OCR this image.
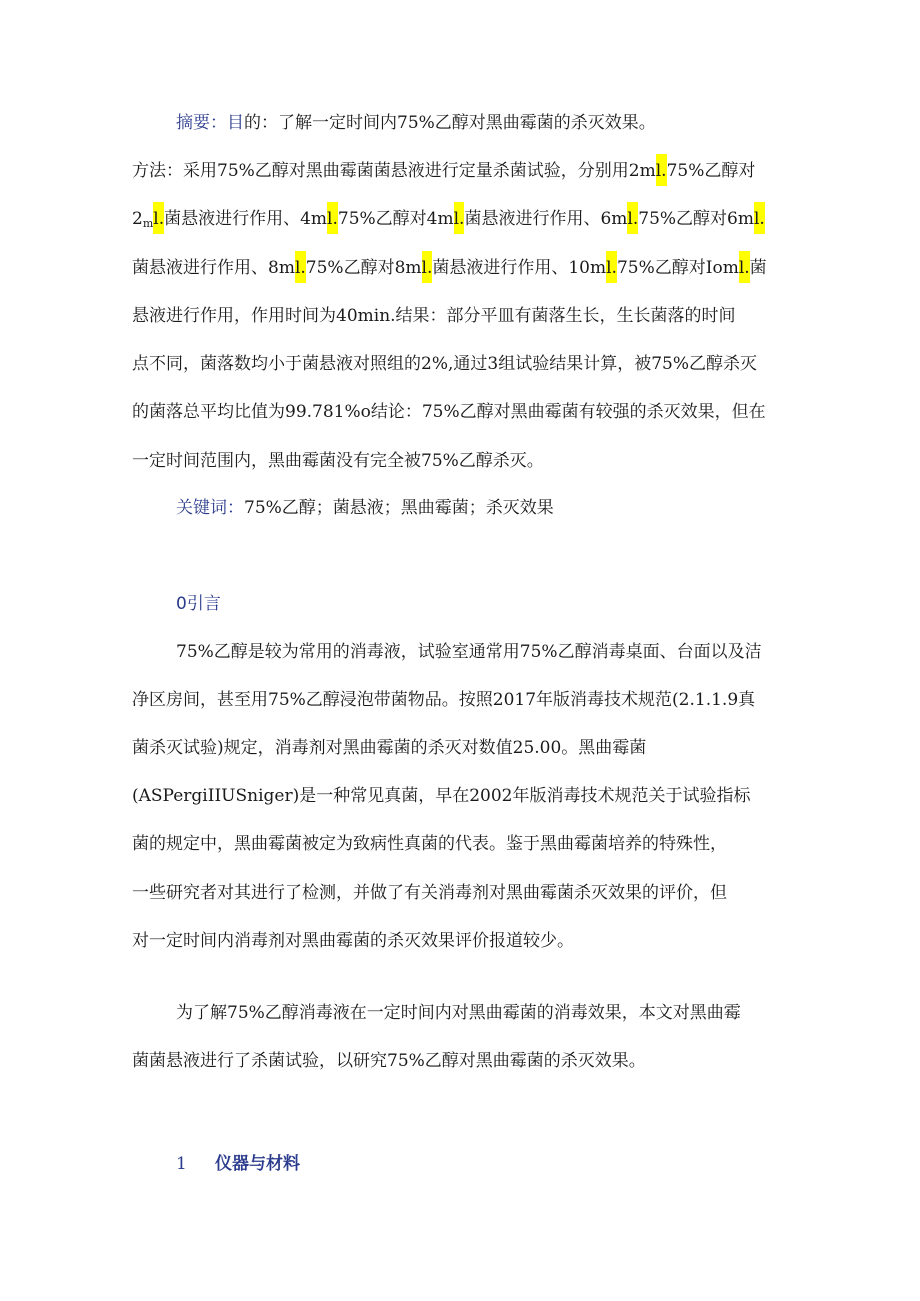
摘要：目的：了解一定时间内75%乙醇对黑曲霉菌的杀灭效果。
方法：采用75%乙醇对黑曲霉菌菌悬液进行定量杀菌试验，分别用2ml.75%乙醇对
2ml.菌悬液进行作用、4ml.75%乙醇对4ml.菌悬液进行作用、6ml.75%乙醇对6ml.
菌悬液进行作用、8ml.75%乙醇对8ml.菌悬液进行作用、10ml.75%乙醇对Ioml.菌
悬液进行作用，作用时间为40min.结果：部分平皿有菌落生长，生长菌落的时间
点不同，菌落数均小于菌悬液对照组的2%,通过3组试验结果计算，被75%乙醇杀灭
的菌落总平均比值为99.781%o结论：75%乙醇对黑曲霉菌有较强的杀灭效果，但在
一定时间范围内，黑曲霉菌没有完全被75%乙醇杀灭。
关键词：75%乙醇；菌悬液；黑曲霉菌；杀灭效果
0引言
75%乙醇是较为常用的消毒液，试验室通常用75%乙醇消毒桌面、台面以及洁
净区房间，甚至用75%乙醇浸泡带菌物品。按照2017年版消毒技术规范(2.1.1.9真
菌杀灭试验)规定，消毒剂对黑曲霉菌的杀灭对数值25.00。黑曲霉菌
(ASPergiIIUSniger)是一种常见真菌，早在2002年版消毒技术规范关于试验指标
菌的规定中，黑曲霉菌被定为致病性真菌的代表。鉴于黑曲霉菌培养的特殊性，
一些研究者对其进行了检测，并做了有关消毒剂对黑曲霉菌杀灭效果的评价，但
对一定时间内消毒剂对黑曲霉菌的杀灭效果评价报道较少。
为了解75%乙醇消毒液在一定时间内对黑曲霉菌的消毒效果，本文对黑曲霉
菌菌悬液进行了杀菌试验，以研究75%乙醇对黑曲霉菌的杀灭效果。
1 仪器与材料
